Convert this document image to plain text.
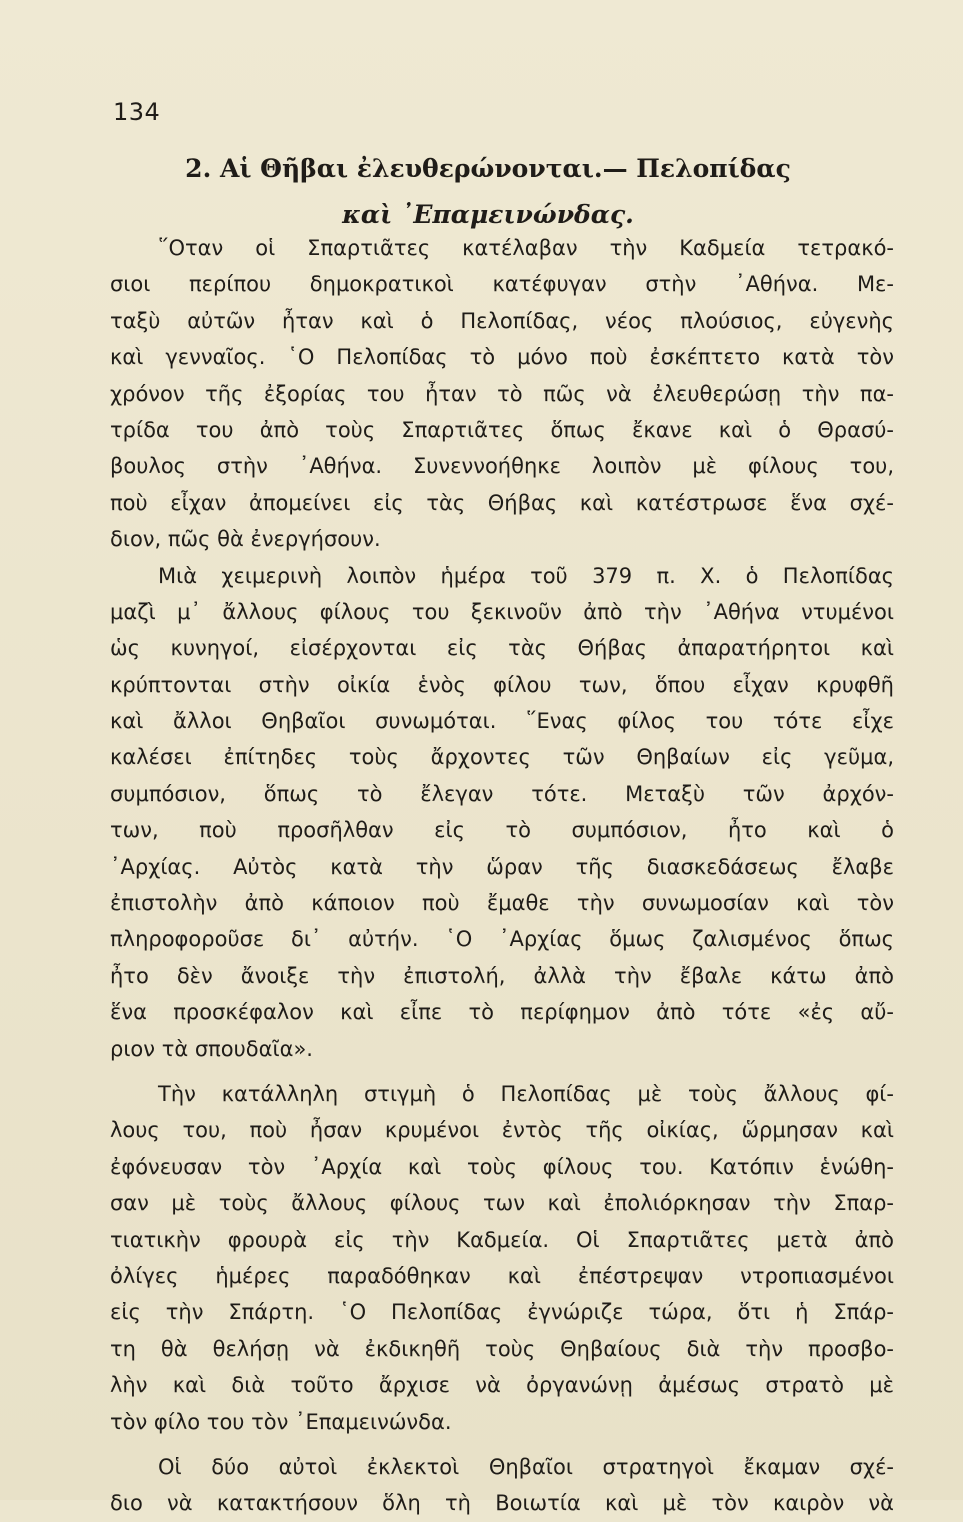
134
2. Αἱ Θῆβαι ἐλευθερώνονται.— Πελοπίδας
καὶ ᾿Επαμεινώνδας.
῞Οταν οἱ Σπαρτιᾶτες κατέλαβαν τὴν Καδμεία τετρακό-
σιοι περίπου δημοκρατικοὶ κατέφυγαν στὴν ᾿Αθήνα. Με-
ταξὺ αὐτῶν ἦταν καὶ ὁ Πελοπίδας, νέος πλούσιος, εὐγενὴς
καὶ γενναῖος. ῾Ο Πελοπίδας τὸ μόνο ποὺ ἐσκέπτετο κατὰ τὸν
χρόνον τῆς ἐξορίας του ἦταν τὸ πῶς νὰ ἐλευθερώσῃ τὴν πα-
τρίδα του ἀπὸ τοὺς Σπαρτιᾶτες ὅπως ἔκανε καὶ ὁ Θρασύ-
βουλος στὴν ᾿Αθήνα. Συνεννοήθηκε λοιπὸν μὲ φίλους του,
ποὺ εἶχαν ἀπομείνει εἰς τὰς Θήβας καὶ κατέστρωσε ἕνα σχέ-
διον, πῶς θὰ ἐνεργήσουν.
Μιὰ χειμερινὴ λοιπὸν ἡμέρα τοῦ 379 π. Χ. ὁ Πελοπίδας
μαζὶ μ᾿ ἄλλους φίλους του ξεκινοῦν ἀπὸ τὴν ᾿Αθήνα ντυμένοι
ὡς κυνηγοί, εἰσέρχονται εἰς τὰς Θήβας ἀπαρατήρητοι καὶ
κρύπτονται στὴν οἰκία ἑνὸς φίλου των, ὅπου εἶχαν κρυφθῆ
καὶ ἄλλοι Θηβαῖοι συνωμόται. ῞Ενας φίλος του τότε εἶχε
καλέσει ἐπίτηδες τοὺς ἄρχοντες τῶν Θηβαίων εἰς γεῦμα,
συμπόσιον, ὅπως τὸ ἔλεγαν τότε. Μεταξὺ τῶν ἀρχόν-
των, ποὺ προσῆλθαν εἰς τὸ συμπόσιον, ἦτο καὶ ὁ
᾿Αρχίας. Αὐτὸς κατὰ τὴν ὥραν τῆς διασκεδάσεως ἔλαβε
ἐπιστολὴν ἀπὸ κάποιον ποὺ ἔμαθε τὴν συνωμοσίαν καὶ τὸν
πληροφοροῦσε δι᾿ αὐτήν. ῾Ο ᾿Αρχίας ὅμως ζαλισμένος ὅπως
ἦτο δὲν ἄνοιξε τὴν ἐπιστολή, ἀλλὰ τὴν ἔβαλε κάτω ἀπὸ
ἕνα προσκέφαλον καὶ εἶπε τὸ περίφημον ἀπὸ τότε «ἐς αὔ-
ριον τὰ σπουδαῖα».
Τὴν κατάλληλη στιγμὴ ὁ Πελοπίδας μὲ τοὺς ἄλλους φί-
λους του, ποὺ ἦσαν κρυμένοι ἐντὸς τῆς οἰκίας, ὥρμησαν καὶ
ἐφόνευσαν τὸν ᾿Αρχία καὶ τοὺς φίλους του. Κατόπιν ἑνώθη-
σαν μὲ τοὺς ἄλλους φίλους των καὶ ἐπολιόρκησαν τὴν Σπαρ-
τιατικὴν φρουρὰ εἰς τὴν Καδμεία. Οἱ Σπαρτιᾶτες μετὰ ἀπὸ
ὀλίγες ἡμέρες παραδόθηκαν καὶ ἐπέστρεψαν ντροπιασμένοι
εἰς τὴν Σπάρτη. ῾Ο Πελοπίδας ἐγνώριζε τώρα, ὅτι ἡ Σπάρ-
τη θὰ θελήσῃ νὰ ἐκδικηθῆ τοὺς Θηβαίους διὰ τὴν προσβο-
λὴν καὶ διὰ τοῦτο ἄρχισε νὰ ὀργανώνῃ ἀμέσως στρατὸ μὲ
τὸν φίλο του τὸν ᾿Επαμεινώνδα.
Οἱ δύο αὐτοὶ ἐκλεκτοὶ Θηβαῖοι στρατηγοὶ ἔκαμαν σχέ-
διο νὰ κατακτήσουν ὅλη τὴ Βοιωτία καὶ μὲ τὸν καιρὸν νὰ
